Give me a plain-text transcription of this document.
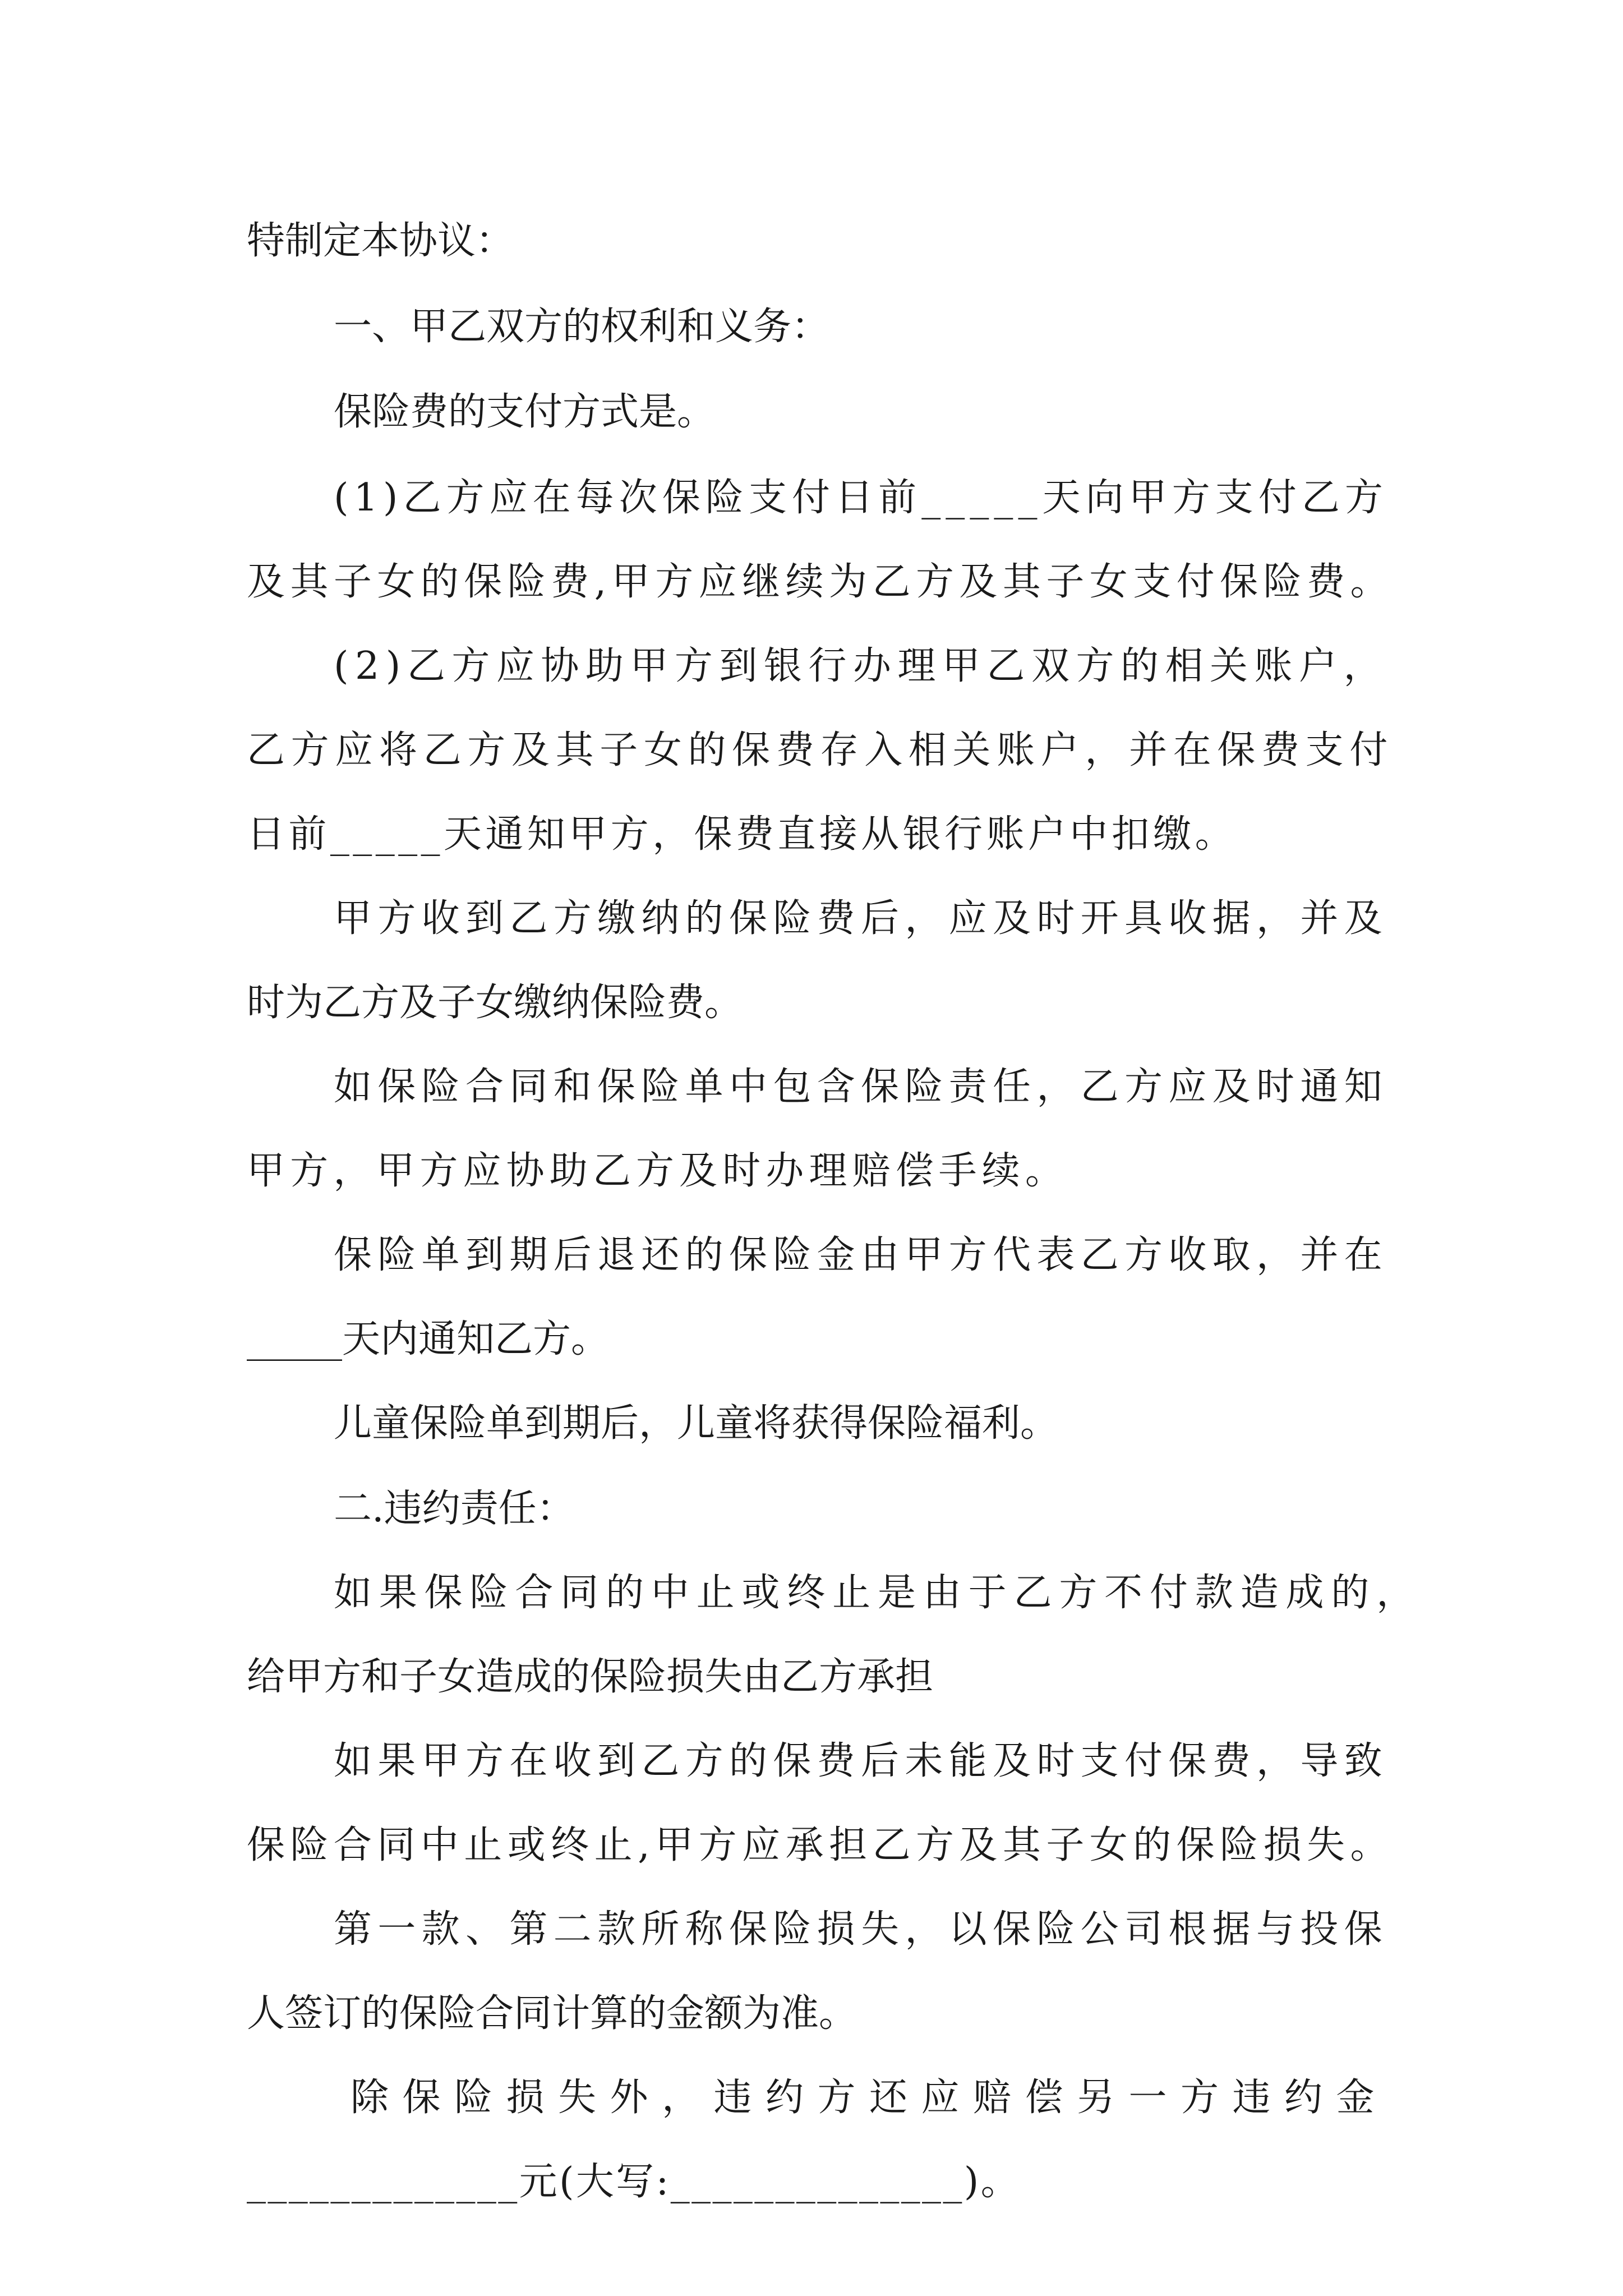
特制定本协议：
一、甲乙双方的权利和义务：
保险费的支付方式是。
(1)乙方应在每次保险支付日前_____天向甲方支付乙方
及其子女的保险费,甲方应继续为乙方及其子女支付保险费。
(2)乙方应协助甲方到银行办理甲乙双方的相关账户，
乙方应将乙方及其子女的保费存入相关账户，并在保费支付
日前_____天通知甲方，保费直接从银行账户中扣缴。
甲方收到乙方缴纳的保险费后，应及时开具收据，并及
时为乙方及子女缴纳保险费。
如保险合同和保险单中包含保险责任，乙方应及时通知
甲方，甲方应协助乙方及时办理赔偿手续。
保险单到期后退还的保险金由甲方代表乙方收取，并在
_____天内通知乙方。
儿童保险单到期后，儿童将获得保险福利。
二.违约责任：
如果保险合同的中止或终止是由于乙方不付款造成的，
给甲方和子女造成的保险损失由乙方承担
如果甲方在收到乙方的保费后未能及时支付保费，导致
保险合同中止或终止,甲方应承担乙方及其子女的保险损失。
第一款、第二款所称保险损失，以保险公司根据与投保
人签订的保险合同计算的金额为准。
除保险损失外，违约方还应赔偿另一方违约金
_____________元(大写:______________)。
